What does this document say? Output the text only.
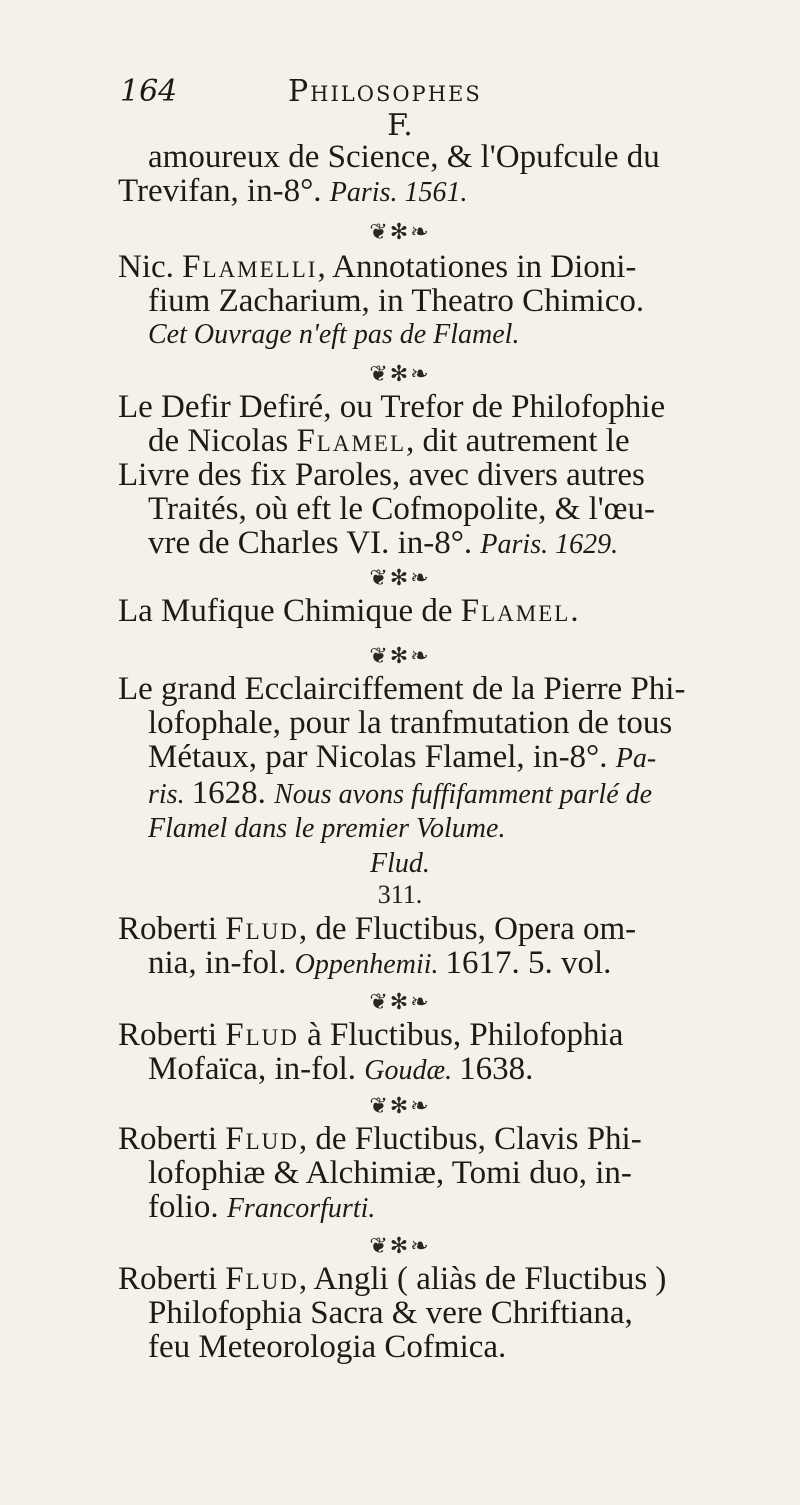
164	Philosophes
F.
amoureux de Science, & l'Opufcule du
Trevifan, in-8°. Paris. 1561.
❦✻❧
Nic. Flamelli, Annotationes in Dioni-
fium Zacharium, in Theatro Chimico.
Cet Ouvrage n'eft pas de Flamel.
❦✻❧
Le Defir Defiré, ou Trefor de Philofophie
de Nicolas Flamel, dit autrement le
Livre des fix Paroles, avec divers autres
Traités, où eft le Cofmopolite, & l'œu-
vre de Charles VI. in-8°. Paris. 1629.
❦✻❧
La Mufique Chimique de Flamel.
❦✻❧
Le grand Ecclairciffement de la Pierre Phi-
lofophale, pour la tranfmutation de tous
Métaux, par Nicolas Flamel, in-8°. Pa-
ris. 1628. Nous avons fuffifamment parlé de
Flamel dans le premier Volume.
Flud.
311.
Roberti Flud, de Fluctibus, Opera om-
nia, in-fol. Oppenhemii. 1617. 5. vol.
❦✻❧
Roberti Flud à Fluctibus, Philofophia
Mofaïca, in-fol. Goudæ. 1638.
❦✻❧
Roberti Flud, de Fluctibus, Clavis Phi-
lofophiæ & Alchimiæ, Tomi duo, in-
folio. Francorfurti.
❦✻❧
Roberti Flud, Angli ( aliàs de Fluctibus )
Philofophia Sacra & vere Chriftiana,
feu Meteorologia Cofmica.
